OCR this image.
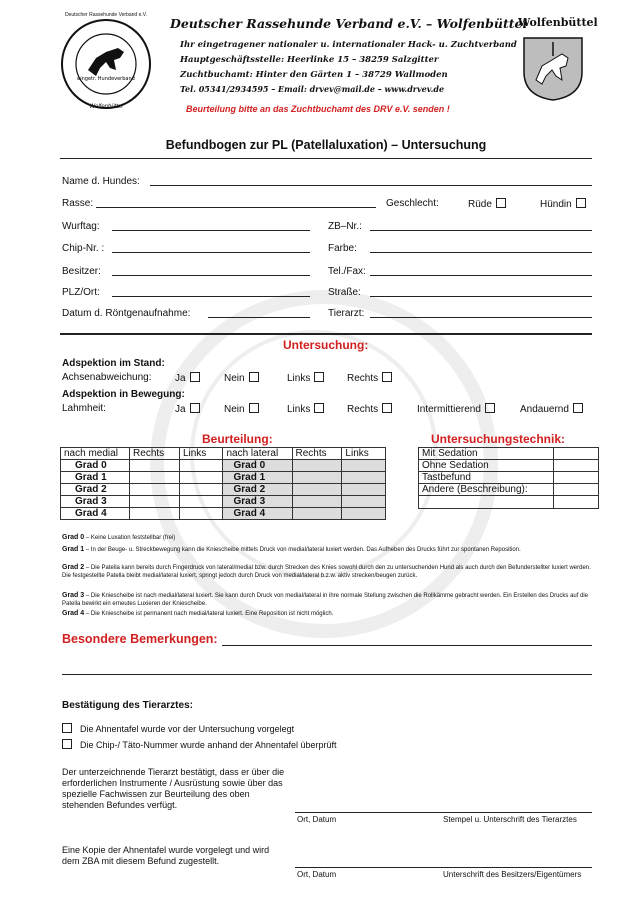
eingetr. Hundeverband
Deutscher Rassehunde Verband e.V.
Wolfenbüttel
Deutscher Rassehunde Verband e.V. – Wolfenbüttel
Ihr eingetragener nationaler u. internationaler Hack- u. Zuchtverband
Hauptgeschäftsstelle: Heerlinke 15 – 38259 Salzgitter
Zuchtbuchamt: Hinter den Gärten 1 – 38729 Wallmoden
Tel. 05341/2934595 – Email: drvev@mail.de – www.drvev.de
Beurteilung bitte an das Zuchtbuchamt des DRV e.V. senden !
Wolfenbüttel
Befundbogen zur PL (Patellaluxation) – Untersuchung
Name d. Hundes:
Rasse:	Geschlecht:	Rüde	Hündin
Wurftag:	ZB–Nr.:
Chip-Nr. :	Farbe:
Besitzer:	Tel./Fax:
PLZ/Ort:	Straße:
Datum d. Röntgenaufnahme:	Tierarzt:
Untersuchung:
Adspektion im Stand:
Achsenabweichung: Ja	Nein	Links	Rechts
Adspektion in Bewegung:
Lahmheit:	Ja	Nein	Links	Rechts	Intermittierend	Andauernd
Beurteilung:	Untersuchungstechnik:
nach medial	Rechts	Links	nach lateral	Rechts	Links
Grad 0			Grad 0		
Grad 1			Grad 1		
Grad 2			Grad 2		
Grad 3			Grad 3		
Grad 4			Grad 4		
Mit Sedation	
Ohne Sedation	
Tastbefund	
Andere (Beschreibung):	

Grad 0 – Keine Luxation feststellbar (frei)
Grad 1 – In der Beuge- u. Streckbewegung kann die Kniescheibe mittels Druck von medial/lateral luxiert werden. Das Aufheben des Drucks führt zur spontanen Reposition.
Grad 2 – Die Patella kann bereits durch Fingerdruck von lateral/medial bzw. durch Strecken des Knies sowohl durch den zu untersuchenden Hund als auch durch den Befunderstellter luxiert werden. Die festgestellte Patella bleibt medial/lateral luxiert, springt jedoch durch Druck von medial/lateral b.z.w. aktiv strecken/beugen zurück.
Grad 3 – Die Kniescheibe ist nach medial/lateral luxiert. Sie kann durch Druck von medial/lateral in ihre normale Stellung zwischen die Rollkämme gebracht werden. Ein Erstellen des Drucks auf die Patella bewirkt ein erneutes Luxieren der Kniescheibe.
Grad 4 – Die Kniescheibe ist permanent nach medial/lateral luxiert. Eine Reposition ist nicht möglich.
Besondere Bemerkungen:
Bestätigung des Tierarztes:
Die Ahnentafel wurde vor der Untersuchung vorgelegt
Die Chip-/ Täto-Nummer wurde anhand der Ahnentafel überprüft
Der unterzeichnende Tierarzt bestätigt, dass er über die erforderlichen Instrumente / Ausrüstung sowie über das spezielle Fachwissen zur Beurteilung des oben stehenden Befundes verfügt.
Ort, Datum	Stempel u. Unterschrift des Tierarztes
Eine Kopie der Ahnentafel wurde vorgelegt und wird dem ZBA mit diesem Befund zugestellt.
Ort, Datum	Unterschrift des Besitzers/Eigentümers
